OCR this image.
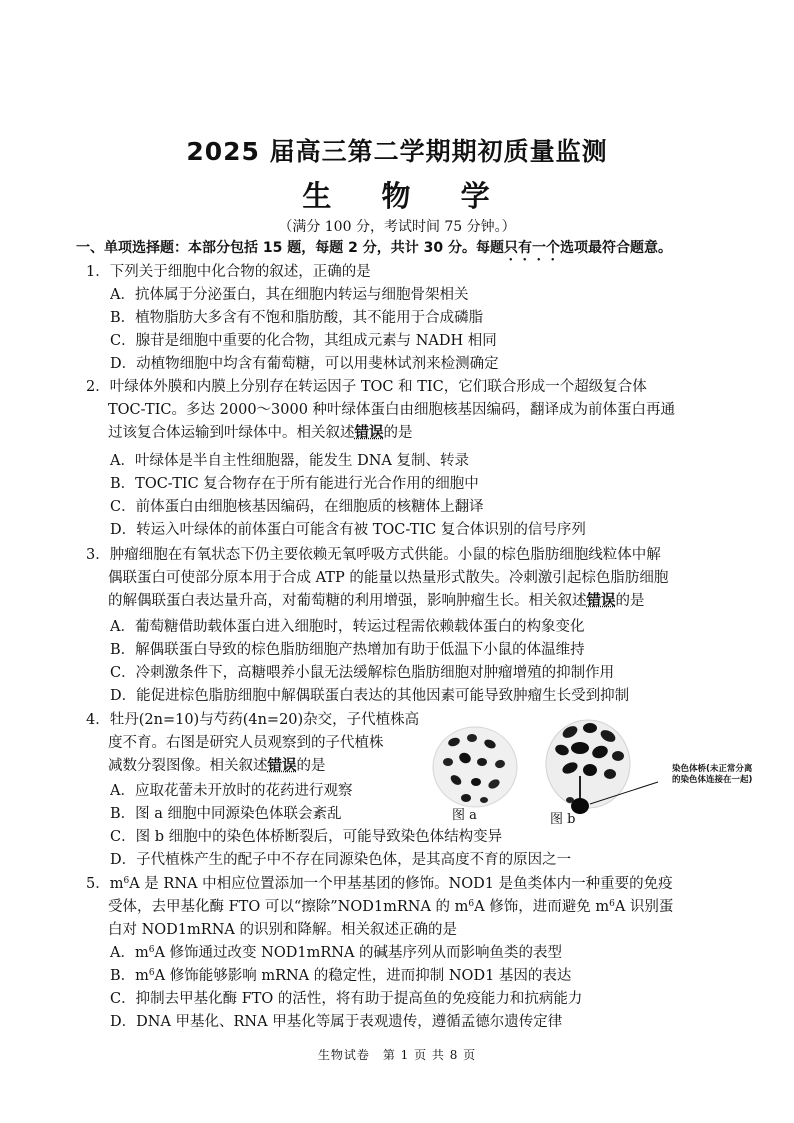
2025 届高三第二学期期初质量监测
生 物 学
（满分 100 分，考试时间 75 分钟。）
一、单项选择题：本部分包括 15 题，每题 2 分，共计 30 分。每题只有一个选项最符合题意。
1．下列关于细胞中化合物的叙述，正确的是
A．抗体属于分泌蛋白，其在细胞内转运与细胞骨架相关
B．植物脂肪大多含有不饱和脂肪酸，其不能用于合成磷脂
C．腺苷是细胞中重要的化合物，其组成元素与 NADH 相同
D．动植物细胞中均含有葡萄糖，可以用斐林试剂来检测确定
2．叶绿体外膜和内膜上分别存在转运因子 TOC 和 TIC，它们联合形成一个超级复合体
TOC-TIC。多达 2000～3000 种叶绿体蛋白由细胞核基因编码，翻译成为前体蛋白再通
过该复合体运输到叶绿体中。相关叙述错误的是
A．叶绿体是半自主性细胞器，能发生 DNA 复制、转录
B．TOC-TIC 复合物存在于所有能进行光合作用的细胞中
C．前体蛋白由细胞核基因编码，在细胞质的核糖体上翻译
D．转运入叶绿体的前体蛋白可能含有被 TOC-TIC 复合体识别的信号序列
3．肿瘤细胞在有氧状态下仍主要依赖无氧呼吸方式供能。小鼠的棕色脂肪细胞线粒体中解
偶联蛋白可使部分原本用于合成 ATP 的能量以热量形式散失。冷刺激引起棕色脂肪细胞
的解偶联蛋白表达量升高，对葡萄糖的利用增强，影响肿瘤生长。相关叙述错误的是
A．葡萄糖借助载体蛋白进入细胞时，转运过程需依赖载体蛋白的构象变化
B．解偶联蛋白导致的棕色脂肪细胞产热增加有助于低温下小鼠的体温维持
C．冷刺激条件下，高糖喂养小鼠无法缓解棕色脂肪细胞对肿瘤增殖的抑制作用
D．能促进棕色脂肪细胞中解偶联蛋白表达的其他因素可能导致肿瘤生长受到抑制
4．牡丹(2n=10)与芍药(4n=20)杂交，子代植株高
度不育。右图是研究人员观察到的子代植株
减数分裂图像。相关叙述错误的是
A．应取花蕾未开放时的花药进行观察
B．图 a 细胞中同源染色体联会紊乱
C．图 b 细胞中的染色体桥断裂后，可能导致染色体结构变异
D．子代植株产生的配子中不存在同源染色体，是其高度不育的原因之一
图 a	图 b
染色体桥(未正常分离
的染色体连接在一起)
5．$m^6A$ 是 RNA 中相应位置添加一个甲基基团的修饰。NOD1 是鱼类体内一种重要的免疫
受体，去甲基化酶 FTO 可以“擦除”NOD1mRNA 的 $m^6A$ 修饰，进而避免 $m^6A$ 识别蛋
白对 NOD1mRNA 的识别和降解。相关叙述正确的是
A．$m^6A$ 修饰通过改变 NOD1mRNA 的碱基序列从而影响鱼类的表型
B．$m^6A$ 修饰能够影响 mRNA 的稳定性，进而抑制 NOD1 基因的表达
C．抑制去甲基化酶 FTO 的活性，将有助于提高鱼的免疫能力和抗病能力
D．DNA 甲基化、RNA 甲基化等属于表观遗传，遵循孟德尔遗传定律
生物试卷　第 1 页 共 8 页
